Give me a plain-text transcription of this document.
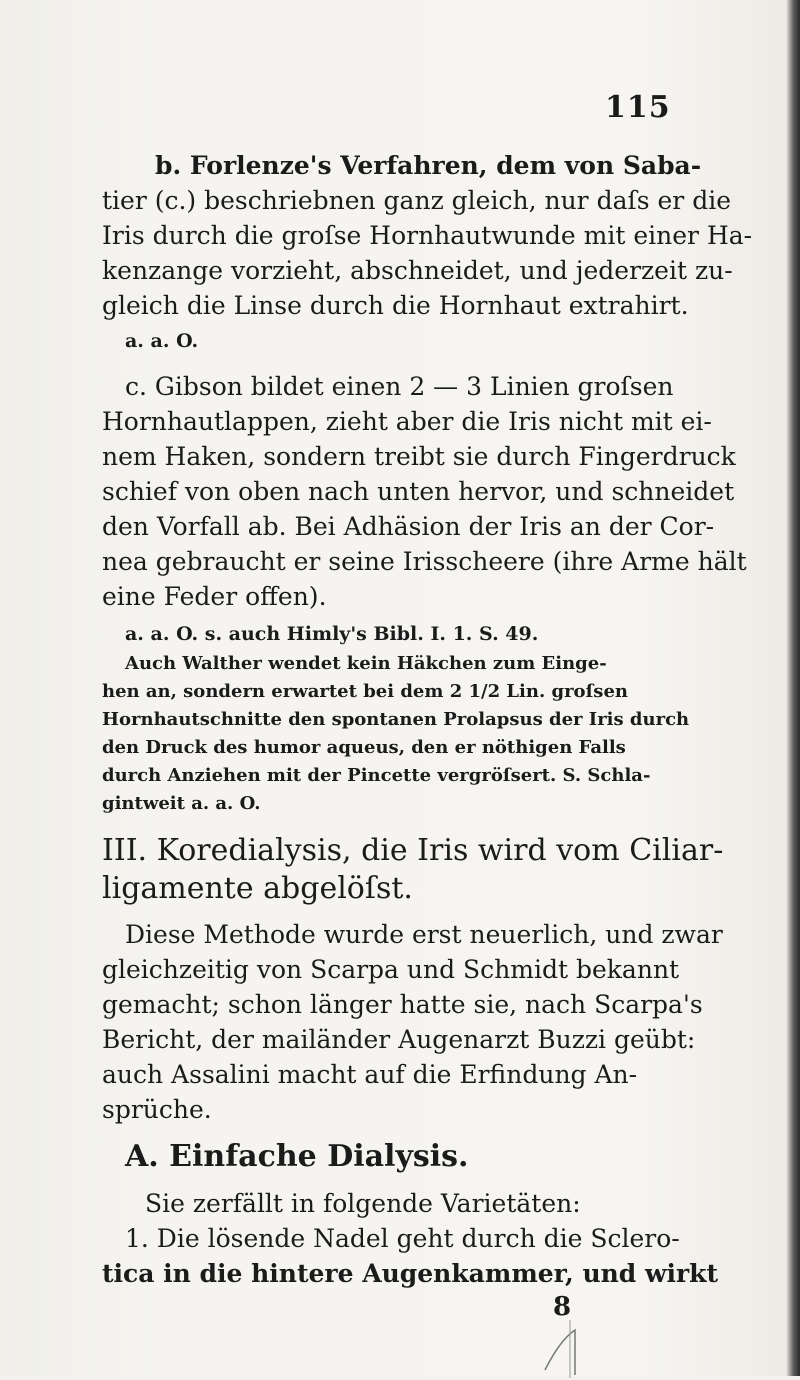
115
b. Forlenze's Verfahren, dem von Saba-
tier (c.) beschriebnen ganz gleich, nur daſs er die
Iris durch die groſse Hornhautwunde mit einer Ha-
kenzange vorzieht, abschneidet, und jederzeit zu-
gleich die Linse durch die Hornhaut extrahirt.
a. a. O.
c. Gibson bildet einen 2 — 3 Linien groſsen
Hornhautlappen, zieht aber die Iris nicht mit ei-
nem Haken, sondern treibt sie durch Fingerdruck
schief von oben nach unten hervor, und schneidet
den Vorfall ab. Bei Adhäsion der Iris an der Cor-
nea gebraucht er seine Irisscheere (ihre Arme hält
eine Feder offen).
a. a. O. s. auch Himly's Bibl. I. 1. S. 49.
Auch Walther wendet kein Häkchen zum Einge-
hen an, sondern erwartet bei dem 2 1/2 Lin. groſsen
Hornhautschnitte den spontanen Prolapsus der Iris durch
den Druck des humor aqueus, den er nöthigen Falls
durch Anziehen mit der Pincette vergröſsert. S. Schla-
gintweit a. a. O.
III. Koredialysis, die Iris wird vom Ciliar-
ligamente abgelöſst.
Diese Methode wurde erst neuerlich, und zwar
gleichzeitig von Scarpa und Schmidt bekannt
gemacht; schon länger hatte sie, nach Scarpa's
Bericht, der mailänder Augenarzt Buzzi geübt:
auch Assalini macht auf die Erfindung An-
sprüche.
A. Einfache Dialysis.
Sie zerfällt in folgende Varietäten:
1. Die lösende Nadel geht durch die Sclero-
tica in die hintere Augenkammer, und wirkt
8
